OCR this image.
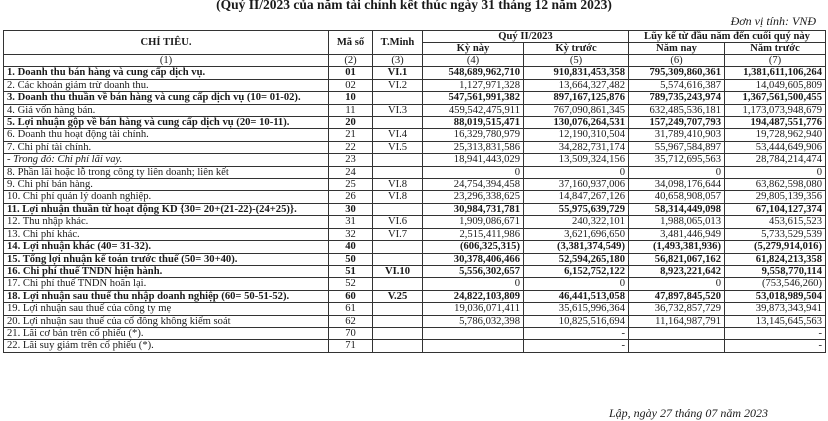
(Quý II/2023 của năm tài chính kết thúc ngày 31 tháng 12 năm 2023)
Đơn vị tính: VNĐ
CHỈ TIÊU.	Mã số	T.Minh	Quý II/2023		Lũy kế từ đầu năm đến cuối quý này	
			Kỳ này	Kỳ trước	Năm nay	Năm trước
(1)	(2)	(3)	(4)	(5)	(6)	(7)
1. Doanh thu bán hàng và cung cấp dịch vụ.	01	VI.1	548,689,962,710	910,831,453,358	795,309,860,361	1,381,611,106,264
2. Các khoản giảm trừ doanh thu.	02	VI.2	1,127,971,328	13,664,327,482	5,574,616,387	14,049,605,809
3. Doanh thu thuần về bán hàng và cung cấp dịch vụ (10= 01-02).	10		547,561,991,382	897,167,125,876	789,735,243,974	1,367,561,500,455
4. Giá vốn hàng bán.	11	VI.3	459,542,475,911	767,090,861,345	632,485,536,181	1,173,073,948,679
5. Lợi nhuận gộp về bán hàng và cung cấp dịch vụ (20= 10-11).	20		88,019,515,471	130,076,264,531	157,249,707,793	194,487,551,776
6. Doanh thu hoạt động tài chính.	21	VI.4	16,329,780,979	12,190,310,504	31,789,410,903	19,728,962,940
7. Chi phí tài chính.	22	VI.5	25,313,831,586	34,282,731,174	55,967,584,897	53,444,649,906
- Trong đó: Chi phí lãi vay.	23		18,941,443,029	13,509,324,156	35,712,695,563	28,784,214,474
8. Phần lãi hoặc lỗ trong công ty liên doanh; liên kết	24		0	0	0	0
9. Chi phí bán hàng.	25	VI.8	24,754,394,458	37,160,937,006	34,098,176,644	63,862,598,080
10. Chi phí quản lý doanh nghiệp.	26	VI.8	23,296,338,625	14,847,267,126	40,658,908,057	29,805,139,356
11. Lợi nhuận thuần từ hoạt động KD {30= 20+(21-22)-(24+25)}.	30		30,984,731,781	55,975,639,729	58,314,449,098	67,104,127,374
12. Thu nhập khác.	31	VI.6	1,909,086,671	240,322,101	1,988,065,013	453,615,523
13. Chi phí khác.	32	VI.7	2,515,411,986	3,621,696,650	3,481,446,949	5,733,529,539
14. Lợi nhuận khác (40= 31-32).	40		(606,325,315)	(3,381,374,549)	(1,493,381,936)	(5,279,914,016)
15. Tổng lợi nhuận kế toán trước thuế (50= 30+40).	50		30,378,406,466	52,594,265,180	56,821,067,162	61,824,213,358
16. Chi phí thuế TNDN hiện hành.	51	VI.10	5,556,302,657	6,152,752,122	8,923,221,642	9,558,770,114
17. Chi phí thuế TNDN hoãn lại.	52		0	0	0	(753,546,260)
18. Lợi nhuận sau thuế thu nhập doanh nghiệp (60= 50-51-52).	60	V.25	24,822,103,809	46,441,513,058	47,897,845,520	53,018,989,504
19. Lợi nhuận sau thuế của công ty mẹ	61		19,036,071,411	35,615,996,364	36,732,857,729	39,873,343,941
20. Lợi nhuận sau thuế của cổ đông không kiểm soát	62		5,786,032,398	10,825,516,694	11,164,987,791	13,145,645,563
21. Lãi cơ bản trên cổ phiếu (*).	70			-		-
22. Lãi suy giảm trên cổ phiếu (*).	71			-		-
Lập, ngày 27 tháng 07 năm 2023
